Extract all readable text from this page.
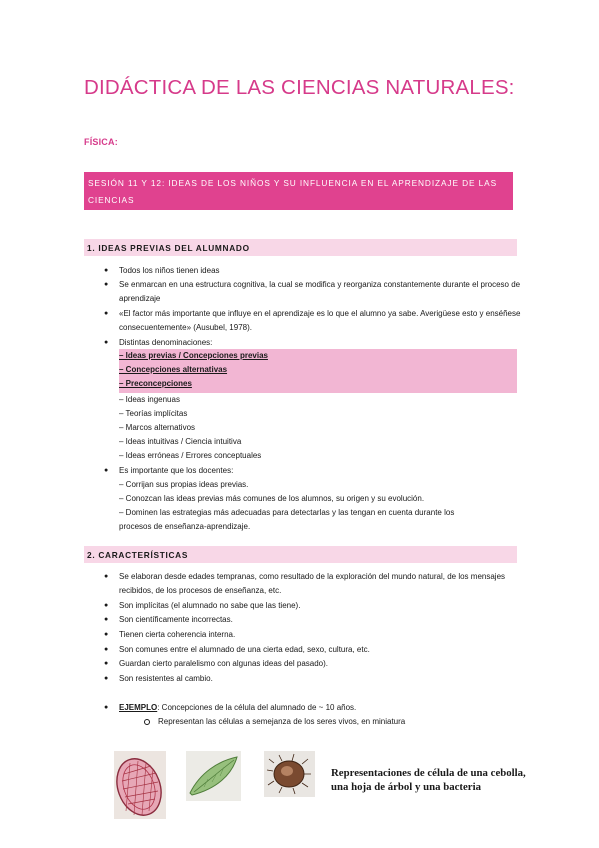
DIDÁCTICA DE LAS CIENCIAS NATURALES:
FÍSICA:
SESIÓN 11 Y 12: IDEAS DE LOS NIÑOS Y SU INFLUENCIA EN EL APRENDIZAJE DE LAS CIENCIAS
1. IDEAS PREVIAS DEL ALUMNADO
● Todos los niños tienen ideas
● Se enmarcan en una estructura cognitiva, la cual se modifica y reorganiza constantemente durante el proceso de aprendizaje
● «El factor más importante que influye en el aprendizaje es lo que el alumno ya sabe. Averigüese esto y enséñese consecuentemente» (Ausubel, 1978).
● Distintas denominaciones:
– Ideas previas / Concepciones previas
– Concepciones alternativas
– Preconcepciones
– Ideas ingenuas
– Teorías implícitas
– Marcos alternativos
– Ideas intuitivas / Ciencia intuitiva
– Ideas erróneas / Errores conceptuales
● Es importante que los docentes:
– Corrijan sus propias ideas previas.
– Conozcan las ideas previas más comunes de los alumnos, su origen y su evolución.
– Dominen las estrategias más adecuadas para detectarlas y las tengan en cuenta durante los
procesos de enseñanza-aprendizaje.
2. CARACTERÍSTICAS
● Se elaboran desde edades tempranas, como resultado de la exploración del mundo natural, de los mensajes recibidos, de los procesos de enseñanza, etc.
● Son implícitas (el alumnado no sabe que las tiene).
● Son científicamente incorrectas.
● Tienen cierta coherencia interna.
● Son comunes entre el alumnado de una cierta edad, sexo, cultura, etc.
● Guardan cierto paralelismo con algunas ideas del pasado).
● Son resistentes al cambio.
● EJEMPLO: Concepciones de la célula del alumnado de ~ 10 años.
Representan las células a semejanza de los seres vivos, en miniatura
Representaciones de célula de una cebolla,
una hoja de árbol y una bacteria
